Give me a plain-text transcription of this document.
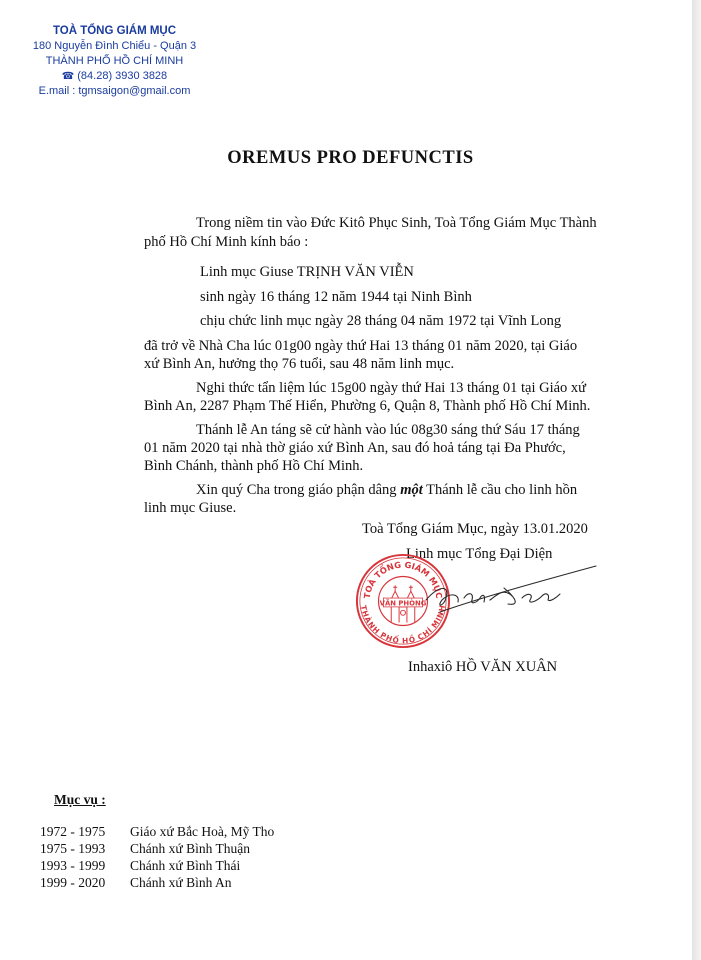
TOÀ TỔNG GIÁM MỤC
180 Nguyễn Đình Chiểu - Quận 3
THÀNH PHỐ HỒ CHÍ MINH
☎ (84.28) 3930 3828
E.mail : tgmsaigon@gmail.com
OREMUS PRO DEFUNCTIS
Trong niềm tin vào Đức Kitô Phục Sinh, Toà Tổng Giám Mục Thành
phố Hồ Chí Minh kính báo :
Linh mục Giuse TRỊNH VĂN VIỄN
sinh ngày 16 tháng 12 năm 1944 tại Ninh Bình
chịu chức linh mục ngày 28 tháng 04 năm 1972 tại Vĩnh Long
đã trở về Nhà Cha lúc 01g00 ngày thứ Hai 13 tháng 01 năm 2020, tại Giáo
xứ Bình An, hưởng thọ 76 tuổi, sau 48 năm linh mục.
Nghi thức tẩn liệm lúc 15g00 ngày thứ Hai 13 tháng 01 tại Giáo xứ
Bình An, 2287 Phạm Thế Hiển, Phường 6, Quận 8, Thành phố Hồ Chí Minh.
Thánh lễ An táng sẽ cử hành vào lúc 08g30 sáng thứ Sáu 17 tháng
01 năm 2020 tại nhà thờ giáo xứ Bình An, sau đó hoả táng tại Đa Phước,
Bình Chánh, thành phố Hồ Chí Minh.
Xin quý Cha trong giáo phận dâng một Thánh lễ cầu cho linh hồn
linh mục Giuse.
Toà Tổng Giám Mục, ngày 13.01.2020
Linh mục Tổng Đại Diện
TOÀ TỔNG GIÁM MỤC
THÀNH PHỐ HỒ CHÍ MINH
VĂN PHÒNG
Inhaxiô HỒ VĂN XUÂN
Mục vụ :
1972 - 1975 Giáo xứ Bắc Hoà, Mỹ Tho
1975 - 1993 Chánh xứ Bình Thuận
1993 - 1999 Chánh xứ Bình Thái
1999 - 2020 Chánh xứ Bình An
